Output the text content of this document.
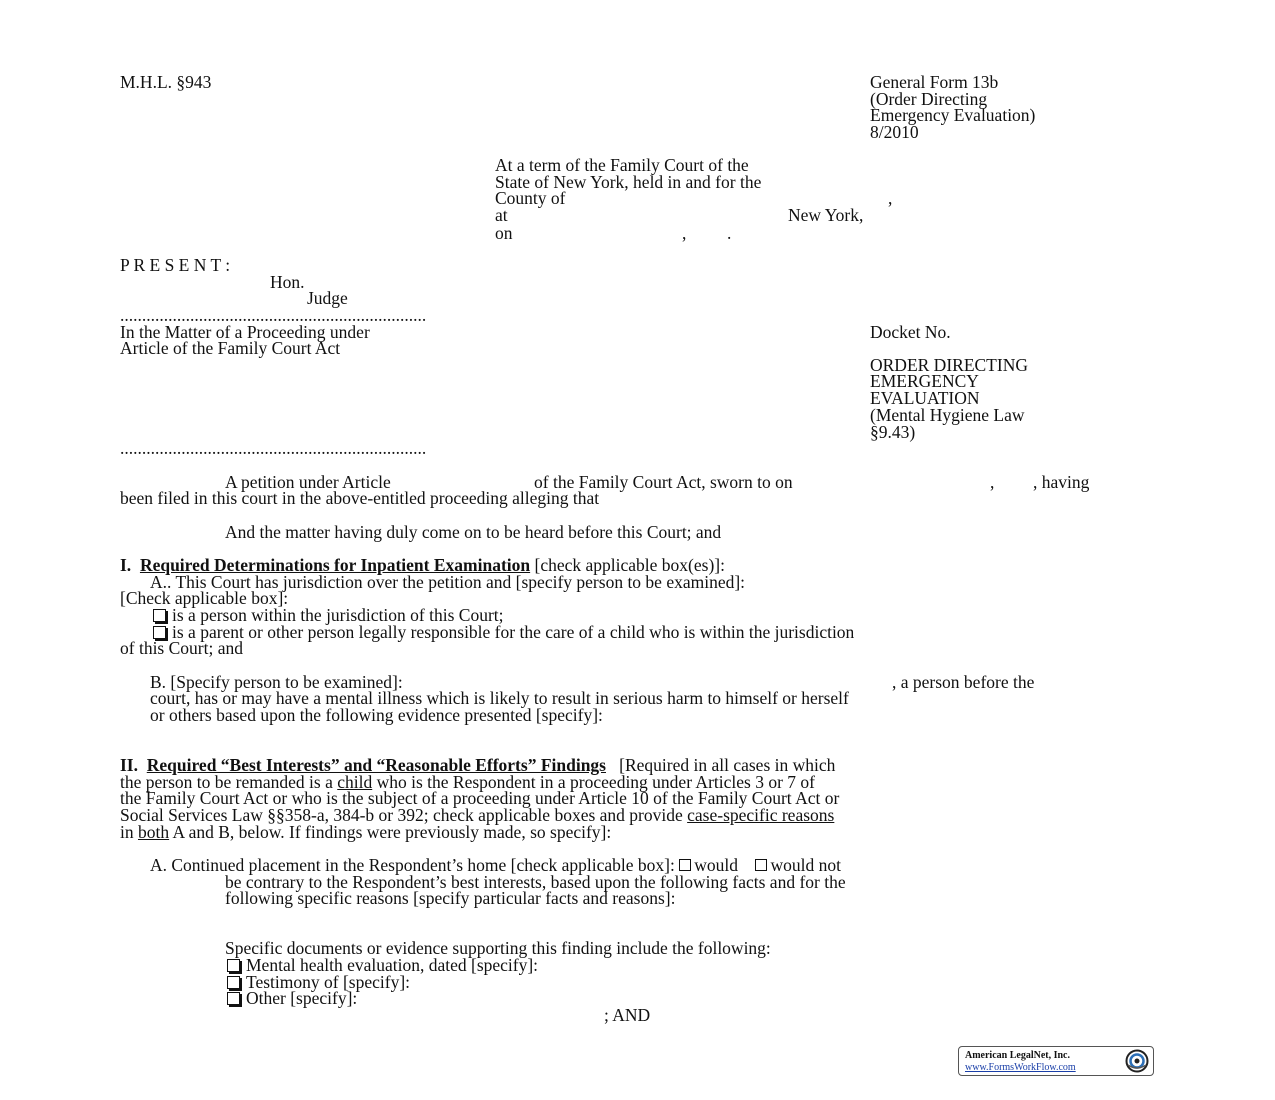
M.H.L. §943	General Form 13b
(Order Directing
Emergency Evaluation)
8/2010
At a term of the Family Court of the
State of New York, held in and for the
County of	,
at	New York,
on	, .
P R E S E N T :
Hon.
Judge
......................................................................
In the Matter of a Proceeding under
Article of the Family Court Act
Docket No.
ORDER DIRECTING
EMERGENCY
EVALUATION
(Mental Hygiene Law
§9.43)
......................................................................
A petition under Article	of the Family Court Act, sworn to on	, , having
been filed in this court in the above-entitled proceeding alleging that
And the matter having duly come on to be heard before this Court; and
I. Required Determinations for Inpatient Examination [check applicable box(es)]:
A.. This Court has jurisdiction over the petition and [specify person to be examined]:
[Check applicable box]:
is a person within the jurisdiction of this Court;
is a parent or other person legally responsible for the care of a child who is within the jurisdiction
of this Court; and
B. [Specify person to be examined]:	, a person before the
court, has or may have a mental illness which is likely to result in serious harm to himself or herself
or others based upon the following evidence presented [specify]:
II. Required “Best Interests” and “Reasonable Efforts” Findings [Required in all cases in which
the person to be remanded is a child who is the Respondent in a proceeding under Articles 3 or 7 of
the Family Court Act or who is the subject of a proceeding under Article 10 of the Family Court Act or
Social Services Law §§358-a, 384-b or 392; check applicable boxes and provide case-specific reasons
in both A and B, below. If findings were previously made, so specify]:
A. Continued placement in the Respondent’s home [check applicable box]: would would not
be contrary to the Respondent’s best interests, based upon the following facts and for the
following specific reasons [specify particular facts and reasons]:
Specific documents or evidence supporting this finding include the following:
Mental health evaluation, dated [specify]:
Testimony of [specify]:
Other [specify]:
; AND
American LegalNet, Inc.
www.FormsWorkFlow.com
